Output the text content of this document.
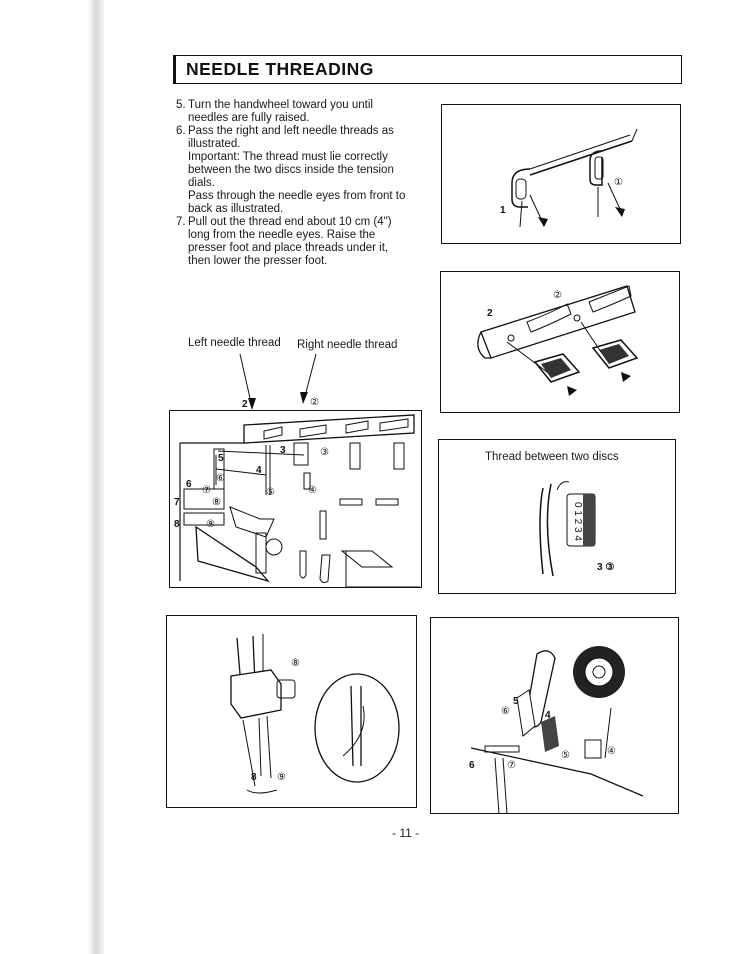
NEEDLE THREADING
5. Turn the handwheel toward you until
needles are fully raised.
6. Pass the right and left needle threads as
illustrated.
Important: The thread must lie correctly
between the two discs inside the tension
dials.
Pass through the needle eyes from front to
back as illustrated.
7. Pull out the thread end about 10 cm (4")
long from the needle eyes. Raise the
presser foot and place threads under it,
then lower the presser foot.
Left needle thread Right needle thread
1
①
2
②
Thread between two discs
0 1 2 3 4
3 ③
2	②
3	③
4
④
5
⑤
⑥
6
⑦
7	⑧
8	⑨
⑧
8 ⑨
5
⑥	4
⑤	④
6	⑦
- 11 -
